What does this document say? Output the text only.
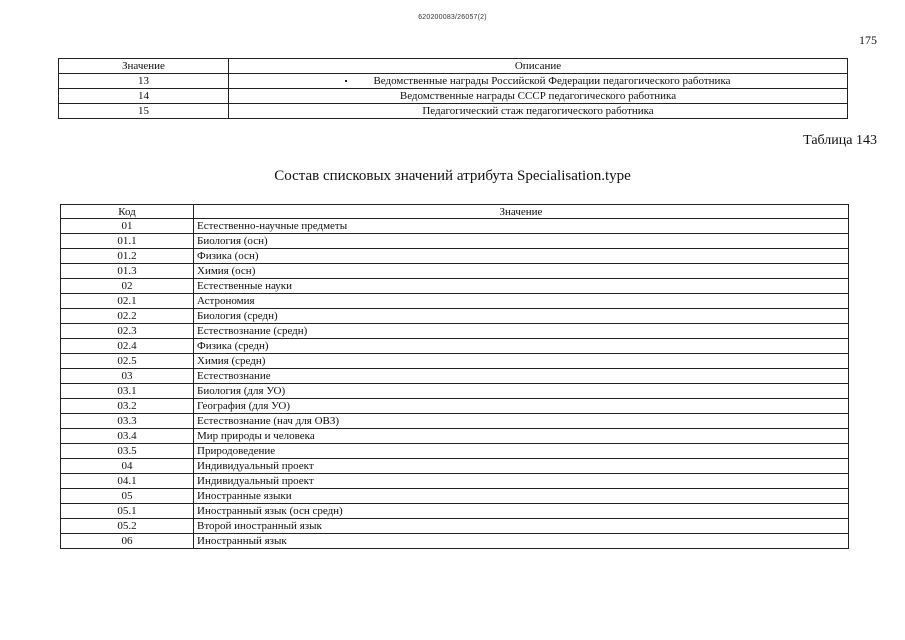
620200083/26057(2)
175
Значение	Описание
13	Ведомственные награды Российской Федерации педагогического работника
14	Ведомственные награды СССР педагогического работника
15	Педагогический стаж педагогического работника
Таблица 143
Состав списковых значений атрибута Specialisation.type
Код	Значение
01	Естественно-научные предметы
01.1	Биология (осн)
01.2	Физика (осн)
01.3	Химия (осн)
02	Естественные науки
02.1	Астрономия
02.2	Биология (средн)
02.3	Естествознание (средн)
02.4	Физика (средн)
02.5	Химия (средн)
03	Естествознание
03.1	Биология (для УО)
03.2	География (для УО)
03.3	Естествознание (нач для ОВЗ)
03.4	Мир природы и человека
03.5	Природоведение
04	Индивидуальный проект
04.1	Индивидуальный проект
05	Иностранные языки
05.1	Иностранный язык (осн средн)
05.2	Второй иностранный язык
06	Иностранный язык
